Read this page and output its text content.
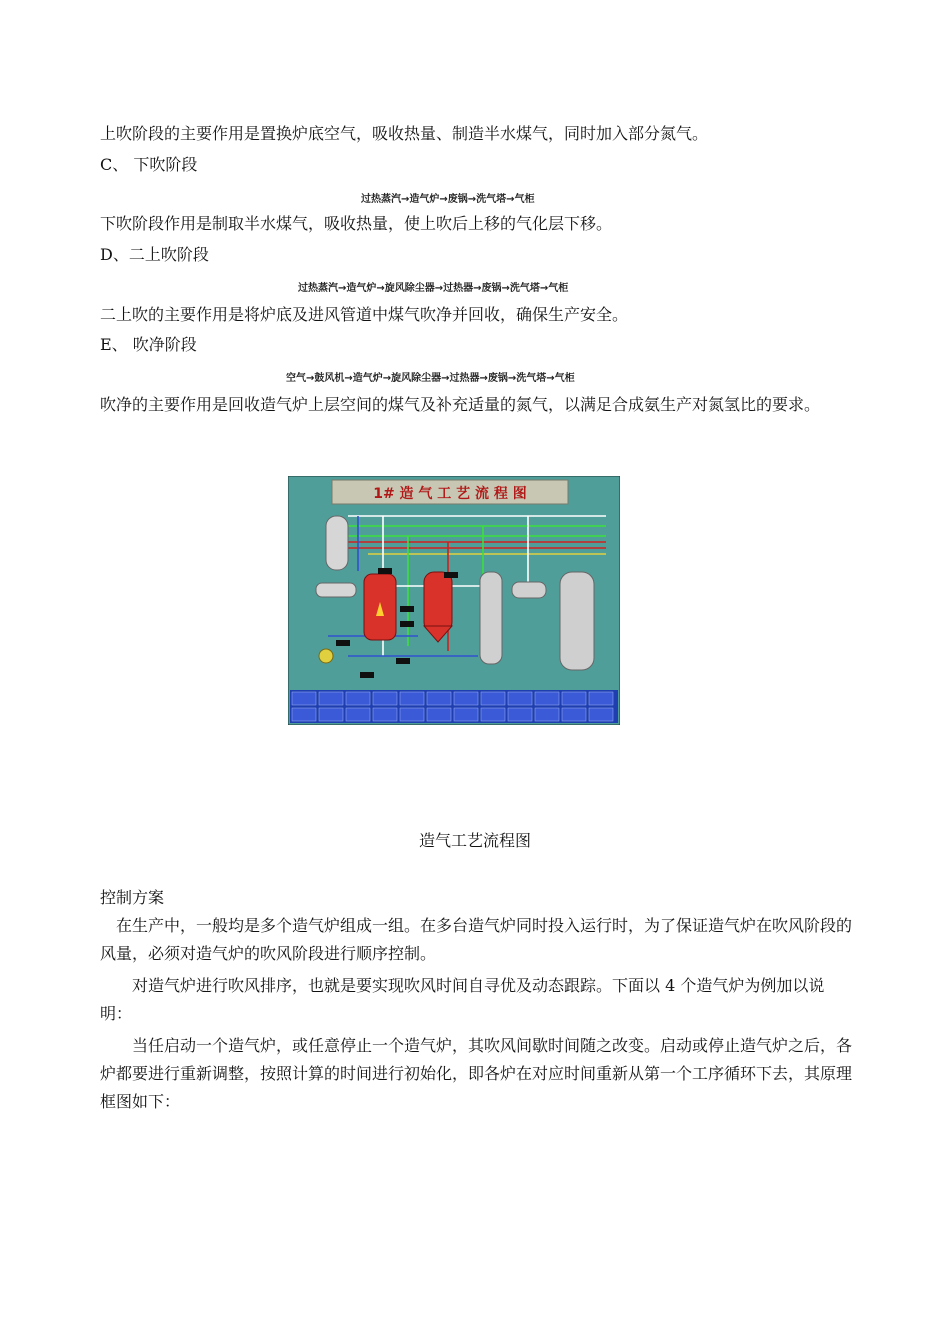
上吹阶段的主要作用是置换炉底空气，吸收热量、制造半水煤气，同时加入部分氮气。
C、 下吹阶段
过热蒸汽→造气炉→废锅→洗气塔→气柜
下吹阶段作用是制取半水煤气，吸收热量，使上吹后上移的气化层下移。
D、二上吹阶段
过热蒸汽→造气炉→旋风除尘器→过热器→废锅→洗气塔→气柜
二上吹的主要作用是将炉底及进风管道中煤气吹净并回收，确保生产安全。
E、 吹净阶段
空气→鼓风机→造气炉→旋风除尘器→过热器→废锅→洗气塔→气柜
吹净的主要作用是回收造气炉上层空间的煤气及补充适量的氮气，以满足合成氨生产对氮氢比的要求。
1# 造 气 工 艺 流 程 图
造气工艺流程图
控制方案
在生产中，一般均是多个造气炉组成一组。在多台造气炉同时投入运行时，为了保证造气炉在吹风阶段的风量，必须对造气炉的吹风阶段进行顺序控制。
对造气炉进行吹风排序，也就是要实现吹风时间自寻优及动态跟踪。下面以 4 个造气炉为例加以说明：
当任启动一个造气炉，或任意停止一个造气炉，其吹风间歇时间随之改变。启动或停止造气炉之后，各炉都要进行重新调整，按照计算的时间进行初始化，即各炉在对应时间重新从第一个工序循环下去，其原理框图如下：
